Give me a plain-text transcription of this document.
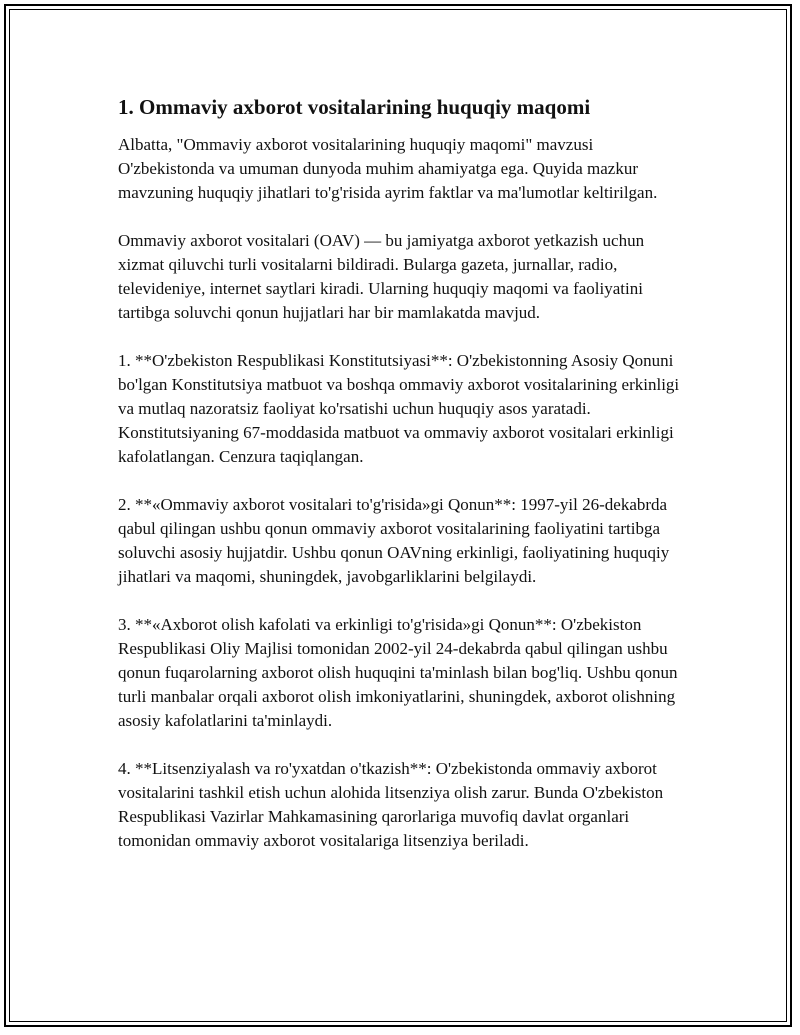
1. Ommaviy axborot vositalarining huquqiy maqomi

Albatta, "Ommaviy axborot vositalarining huquqiy maqomi" mavzusi O'zbekistonda va umuman dunyoda muhim ahamiyatga ega. Quyida mazkur mavzuning huquqiy jihatlari to'g'risida ayrim faktlar va ma'lumotlar keltirilgan.

Ommaviy axborot vositalari (OAV) — bu jamiyatga axborot yetkazish uchun xizmat qiluvchi turli vositalarni bildiradi. Bularga gazeta, jurnallar, radio, televideniye, internet saytlari kiradi. Ularning huquqiy maqomi va faoliyatini tartibga soluvchi qonun hujjatlari har bir mamlakatda mavjud.

1. **O'zbekiston Respublikasi Konstitutsiyasi**: O'zbekistonning Asosiy Qonuni bo'lgan Konstitutsiya matbuot va boshqa ommaviy axborot vositalarining erkinligi va mutlaq nazoratsiz faoliyat ko'rsatishi uchun huquqiy asos yaratadi. Konstitutsiyaning 67-moddasida matbuot va ommaviy axborot vositalari erkinligi kafolatlangan. Cenzura taqiqlangan.

2. **«Ommaviy axborot vositalari to'g'risida»gi Qonun**: 1997-yil 26-dekabrda qabul qilingan ushbu qonun ommaviy axborot vositalarining faoliyatini tartibga soluvchi asosiy hujjatdir. Ushbu qonun OAVning erkinligi, faoliyatining huquqiy jihatlari va maqomi, shuningdek, javobgarliklarini belgilaydi.

3. **«Axborot olish kafolati va erkinligi to'g'risida»gi Qonun**: O'zbekiston Respublikasi Oliy Majlisi tomonidan 2002-yil 24-dekabrda qabul qilingan ushbu qonun fuqarolarning axborot olish huquqini ta'minlash bilan bog'liq. Ushbu qonun turli manbalar orqali axborot olish imkoniyatlarini, shuningdek, axborot olishning asosiy kafolatlarini ta'minlaydi.

4. **Litsenziyalash va ro'yxatdan o'tkazish**: O'zbekistonda ommaviy axborot vositalarini tashkil etish uchun alohida litsenziya olish zarur. Bunda O'zbekiston Respublikasi Vazirlar Mahkamasining qarorlariga muvofiq davlat organlari tomonidan ommaviy axborot vositalariga litsenziya beriladi.
